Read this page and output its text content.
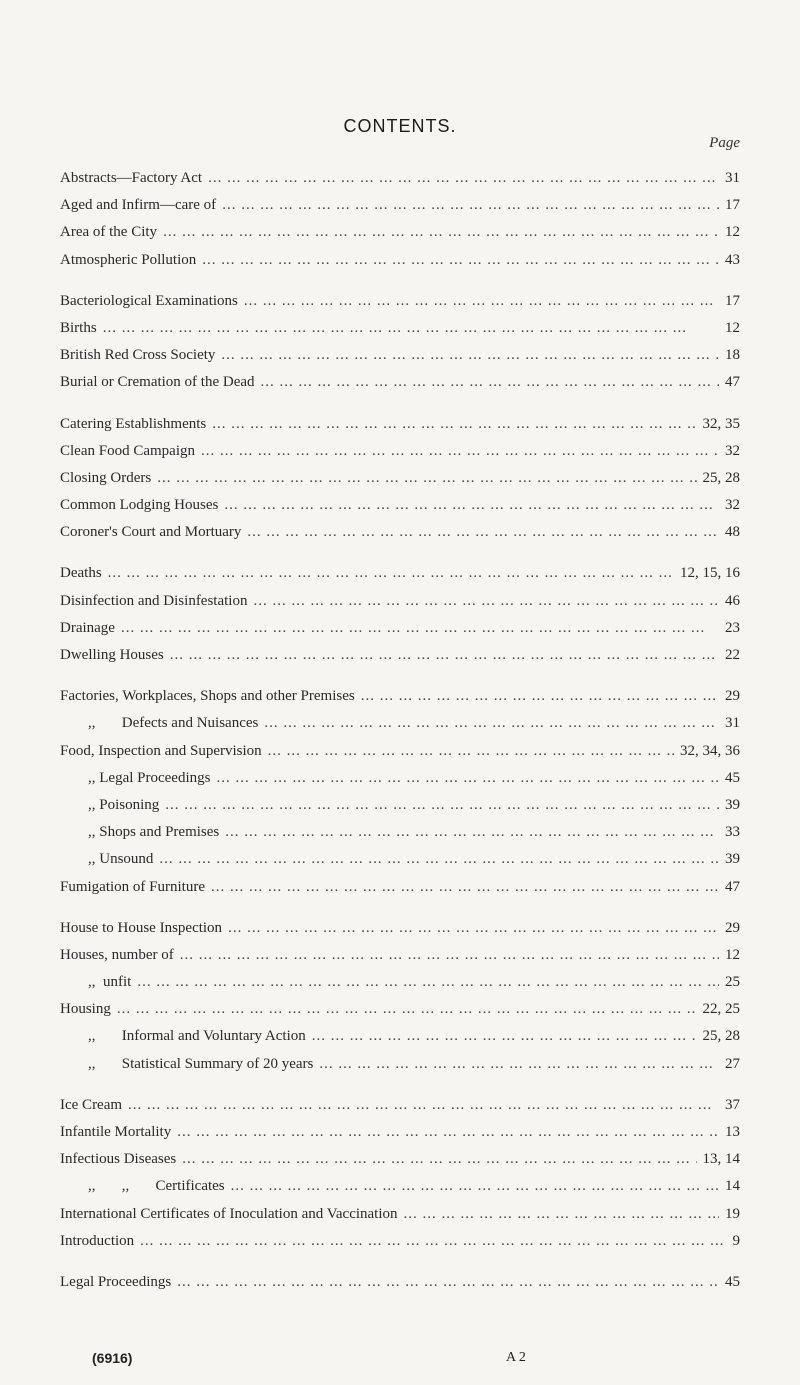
CONTENTS.
Page
Abstracts—Factory Act ... .	31
Aged and Infirm—care of ... .	17
Area of the City ... .	12
Atmospheric Pollution ... .	43
Bacteriological Examinations ... .	17
Births ... .	12
British Red Cross Society ... .	18
Burial or Cremation of the Dead ... .	47
Catering Establishments ... .	32, 35
Clean Food Campaign ... .	32
Closing Orders ... .	25, 28
Common Lodging Houses ... .	32
Coroner's Court and Mortuary ... .	48
Deaths ... .	12, 15, 16
Disinfection and Disinfestation ... .	46
Drainage ... .	23
Dwelling Houses ... .	22
Factories, Workplaces, Shops and other Premises ... .	29
,,       Defects and Nuisances ... .	31
Food, Inspection and Supervision ... .	32, 34, 36
,, Legal Proceedings ... .	45
,, Poisoning ... .	39
,, Shops and Premises ... .	33
,, Unsound ... .	39
Fumigation of Furniture ... .	47
House to House Inspection ... .	29
Houses, number of ... .	12
,,  unfit ... .	25
Housing ... .	22, 25
,,       Informal and Voluntary Action ... .	25, 28
,,       Statistical Summary of 20 years ... .	27
Ice Cream ... .	37
Infantile Mortality ... .	13
Infectious Diseases ... .	13, 14
,,       ,,       Certificates ... .	14
International Certificates of Inoculation and Vaccination ... .	19
Introduction ... .	9
Legal Proceedings ... .	45
(6916)	A 2
